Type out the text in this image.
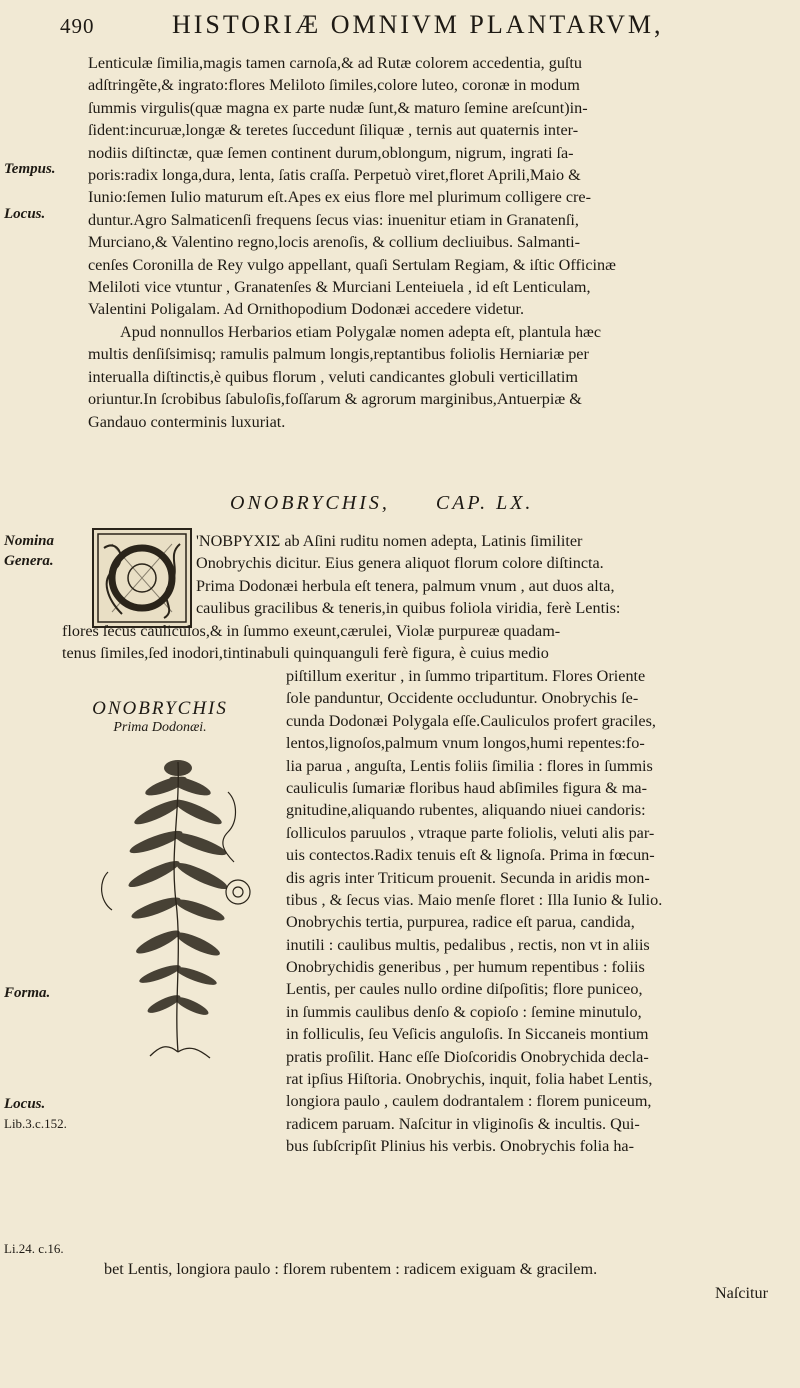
490	HISTORIÆ OMNIVM PLANTARVM,
Lenticulæ ſimilia,magis tamen carnoſa,& ad Rutæ colorem accedentia, guſtu
adſtringẽte,& ingrato:flores Meliloto ſimiles,colore luteo, coronæ in modum
ſummis virgulis(quæ magna ex parte nudæ ſunt,& maturo ſemine areſcunt)in-
ſident:incuruæ,longæ & teretes ſuccedunt ſiliquæ , ternis aut quaternis inter-
nodiis diſtinctæ, quæ ſemen continent durum,oblongum, nigrum, ingrati ſa-
poris:radix longa,dura, lenta, ſatis craſſa. Perpetuò viret,floret Aprili,Maio &
Iunio:ſemen Iulio maturum eſt.Apes ex eius flore mel plurimum colligere cre-
duntur.Agro Salmaticenſi frequens ſecus vias: inuenitur etiam in Granatenſi,
Murciano,& Valentino regno,locis arenoſis, & collium decliuibus. Salmanti-
cenſes Coronilla de Rey vulgo appellant, quaſi Sertulam Regiam, & iſtic Officinæ
Meliloti vice vtuntur , Granatenſes & Murciani Lenteiuela , id eſt Lenticulam,
Valentini Poligalam. Ad Ornithopodium Dodonæi accedere videtur.
Apud nonnullos Herbarios etiam Polygalæ nomen adepta eſt, plantula hæc
multis denſiſsimisq; ramulis palmum longis,reptantibus foliolis Herniariæ per
interualla diſtinctis,è quibus florum , veluti candicantes globuli verticillatim
oriuntur.In ſcrobibus ſabuloſis,foſſarum & agrorum marginibus,Antuerpiæ &
Gandauo conterminis luxuriat.
Tempus.
Locus.
Nomina
Genera.
Forma.
Locus.
Lib.3.c.152.
Li.24. c.16.
ONOBRYCHIS, CAP. LX.
'NOBPYXIΣ ab Aſini ruditu nomen adepta, Latinis ſimiliter
Onobrychis dicitur. Eius genera aliquot florum colore diſtincta.
Prima Dodonæi herbula eſt tenera, palmum vnum , aut duos alta,
caulibus gracilibus & teneris,in quibus foliola viridia, ferè Lentis:
flores ſecus cauliculos,& in ſummo exeunt,cærulei, Violæ purpureæ quadam-
tenus ſimiles,ſed inodori,tintinabuli quinquanguli ferè figura, è cuius medio
ONOBRYCHIS
Prima Dodonæi.
piſtillum exeritur , in ſummo tripartitum. Flores Oriente
ſole panduntur, Occidente occluduntur. Onobrychis ſe-
cunda Dodonæi Polygala eſſe.Cauliculos profert graciles,
lentos,lignoſos,palmum vnum longos,humi repentes:fo-
lia parua , anguſta, Lentis foliis ſimilia : flores in ſummis
cauliculis ſumariæ floribus haud abſimiles figura & ma-
gnitudine,aliquando rubentes, aliquando niuei candoris:
ſolliculos paruulos , vtraque parte foliolis, veluti alis par-
uis contectos.Radix tenuis eſt & lignoſa. Prima in fœcun-
dis agris inter Triticum prouenit. Secunda in aridis mon-
tibus , & ſecus vias. Maio menſe floret : Illa Iunio & Iulio.
Onobrychis tertia, purpurea, radice eſt parua, candida,
inutili : caulibus multis, pedalibus , rectis, non vt in aliis
Onobrychidis generibus , per humum repentibus : foliis
Lentis, per caules nullo ordine diſpoſitis; flore puniceo,
in ſummis caulibus denſo & copioſo : ſemine minutulo,
in folliculis, ſeu Veſicis angulоſis. In Siccaneis montium
pratis proſilit. Hanc eſſe Dioſcoridis Onobrychida decla-
rat ipſius Hiſtoria. Onobrychis, inquit, folia habet Lentis,
longiora paulo , caulem dodrantalem : florem puniceum,
radicem paruam. Naſcitur in vliginoſis & incultis. Qui-
bus ſubſcripſit Plinius his verbis. Onobrychis folia ha-
bet Lentis, longiora paulo : florem rubentem : radicem exiguam & gracilem.
Naſcitur
